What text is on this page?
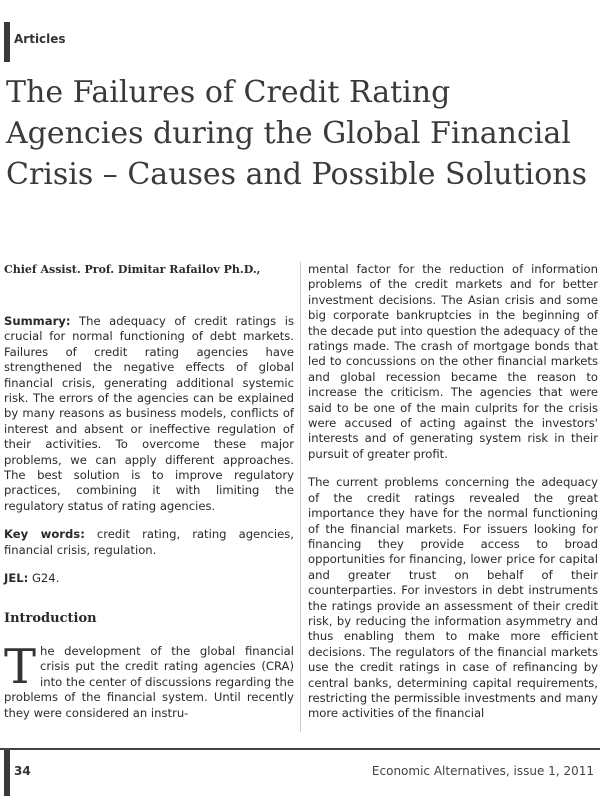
Articles
The Failures of Credit Rating Agencies during the Global Financial Crisis – Causes and Possible Solutions

Chief Assist. Prof. Dimitar Rafailov Ph.D.,

Summary: The adequacy of credit ratings is crucial for normal functioning of debt markets. Failures of credit rating agencies have strengthened the negative effects of global financial crisis, generating additional systemic risk. The errors of the agencies can be explained by many reasons as business models, conflicts of interest and absent or ineffective regulation of their activities. To overcome these major problems, we can apply different approaches. The best solution is to improve regulatory practices, combining it with limiting the regulatory status of rating agencies.

Key words: credit rating, rating agencies, financial crisis, regulation.

JEL: G24.

Introduction

The development of the global financial crisis put the credit rating agencies (CRA) into the center of discussions regarding the problems of the financial system. Until recently they were considered an instru-

mental factor for the reduction of information problems of the credit markets and for better investment decisions. The Asian crisis and some big corporate bankruptcies in the beginning of the decade put into question the adequacy of the ratings made. The crash of mortgage bonds that led to concussions on the other financial markets and global recession became the reason to increase the criticism. The agencies that were said to be one of the main culprits for the crisis were accused of acting against the investors' interests and of generating system risk in their pursuit of greater profit.

The current problems concerning the adequacy of the credit ratings revealed the great importance they have for the normal functioning of the financial markets. For issuers looking for financing they provide access to broad opportunities for financing, lower price for capital and greater trust on behalf of their counterparties. For investors in debt instruments the ratings provide an assessment of their credit risk, by reducing the information asymmetry and thus enabling them to make more efficient decisions. The regulators of the financial markets use the credit ratings in case of refinancing by central banks, determining capital requirements, restricting the permissible investments and many more activities of the financial

34	Economic Alternatives, issue 1, 2011
